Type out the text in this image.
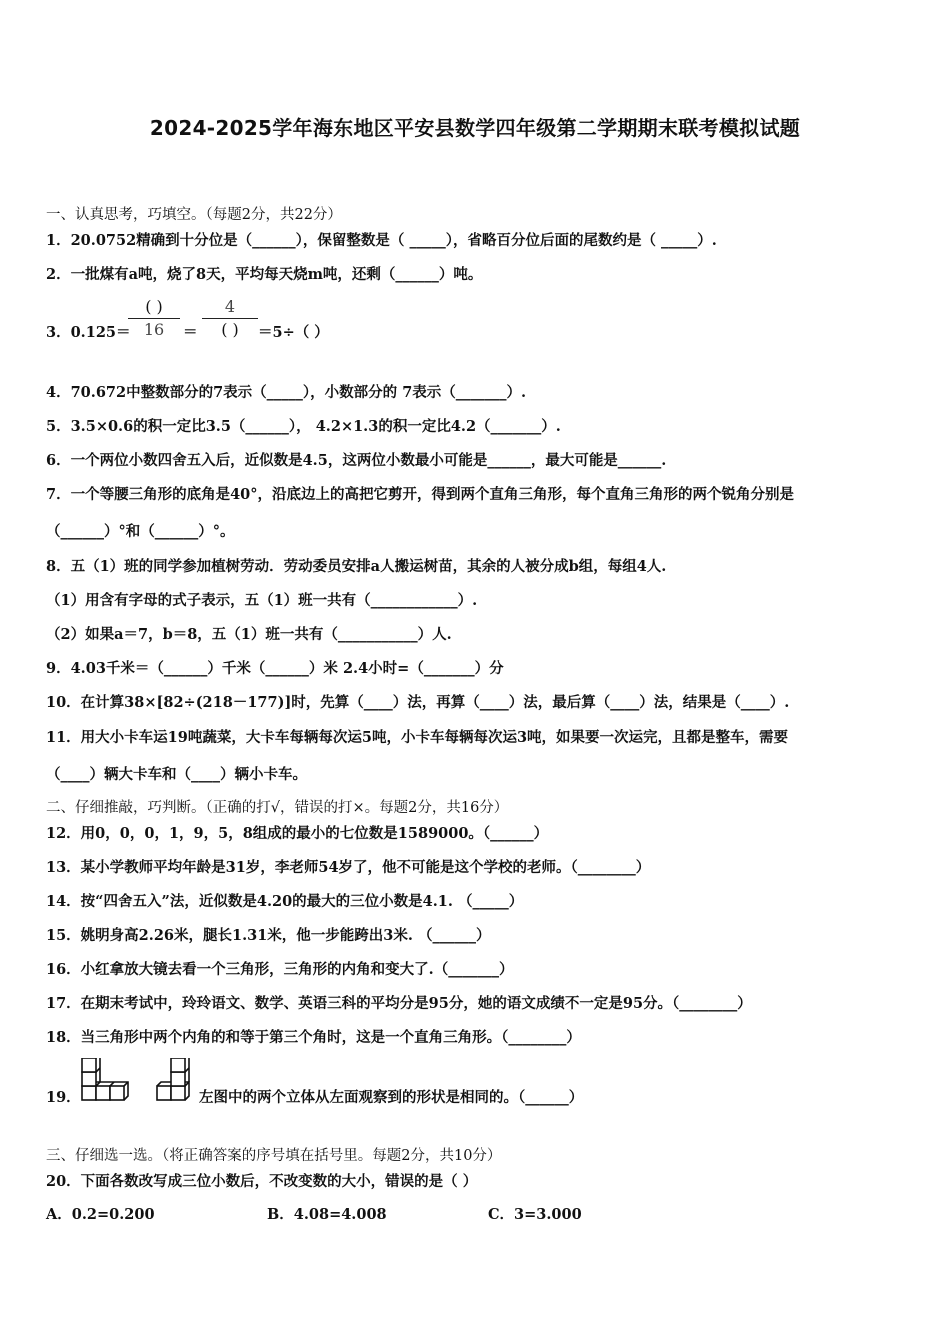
2024-2025学年海东地区平安县数学四年级第二学期期末联考模拟试题
一、认真思考，巧填空。（每题2分，共22分）
1．20.0752精确到十分位是（______），保留整数是（ _____），省略百分位后面的尾数约是（ _____）.
2．一批煤有a吨，烧了8天，平均每天烧m吨，还剩（______）吨。
3．0.125＝
( )
16	＝
4
( )	＝5÷（ ）
4．70.672中整数部分的7表示（_____），小数部分的 7表示（_______）.
5．3.5×0.6的积一定比3.5（______）， 4.2×1.3的积一定比4.2（_______）.
6．一个两位小数四舍五入后，近似数是4.5，这两位小数最小可能是______，最大可能是______.
7．一个等腰三角形的底角是40°，沿底边上的高把它剪开，得到两个直角三角形，每个直角三角形的两个锐角分别是
（______）°和（______）°。
8．五（1）班的同学参加植树劳动．劳动委员安排a人搬运树苗，其余的人被分成b组，每组4人.
（1）用含有字母的式子表示，五（1）班一共有（____________）.
（2）如果a＝7，b＝8，五（1）班一共有（___________）人.
9．4.03千米＝（______）千米（______）米 2.4小时=（_______）分
10．在计算38×[82÷(218－177)]时，先算（____）法，再算（____）法，最后算（____）法，结果是（____）.
11．用大小卡车运19吨蔬菜，大卡车每辆每次运5吨，小卡车每辆每次运3吨，如果要一次运完，且都是整车，需要
（____）辆大卡车和（____）辆小卡车。
二、仔细推敲，巧判断。（正确的打√，错误的打×。每题2分，共16分）
12．用0，0，0，1，9，5，8组成的最小的七位数是1589000。（______）
13．某小学教师平均年龄是31岁，李老师54岁了，他不可能是这个学校的老师。（________）
14．按“四舍五入”法，近似数是4.20的最大的三位小数是4.1. （_____）
15．姚明身高2.26米，腿长1.31米，他一步能跨出3米. （______）
16．小红拿放大镜去看一个三角形，三角形的内角和变大了.（_______）
17．在期末考试中，玲玲语文、数学、英语三科的平均分是95分，她的语文成绩不一定是95分。（________）
18．当三角形中两个内角的和等于第三个角时，这是一个直角三角形。（________）
19．	左图中的两个立体从左面观察到的形状是相同的。（______）
三、仔细选一选。（将正确答案的序号填在括号里。每题2分，共10分）
20．下面各数改写成三位小数后，不改变数的大小，错误的是（ ）
A．0.2=0.200	B．4.08=4.008	C．3=3.000
